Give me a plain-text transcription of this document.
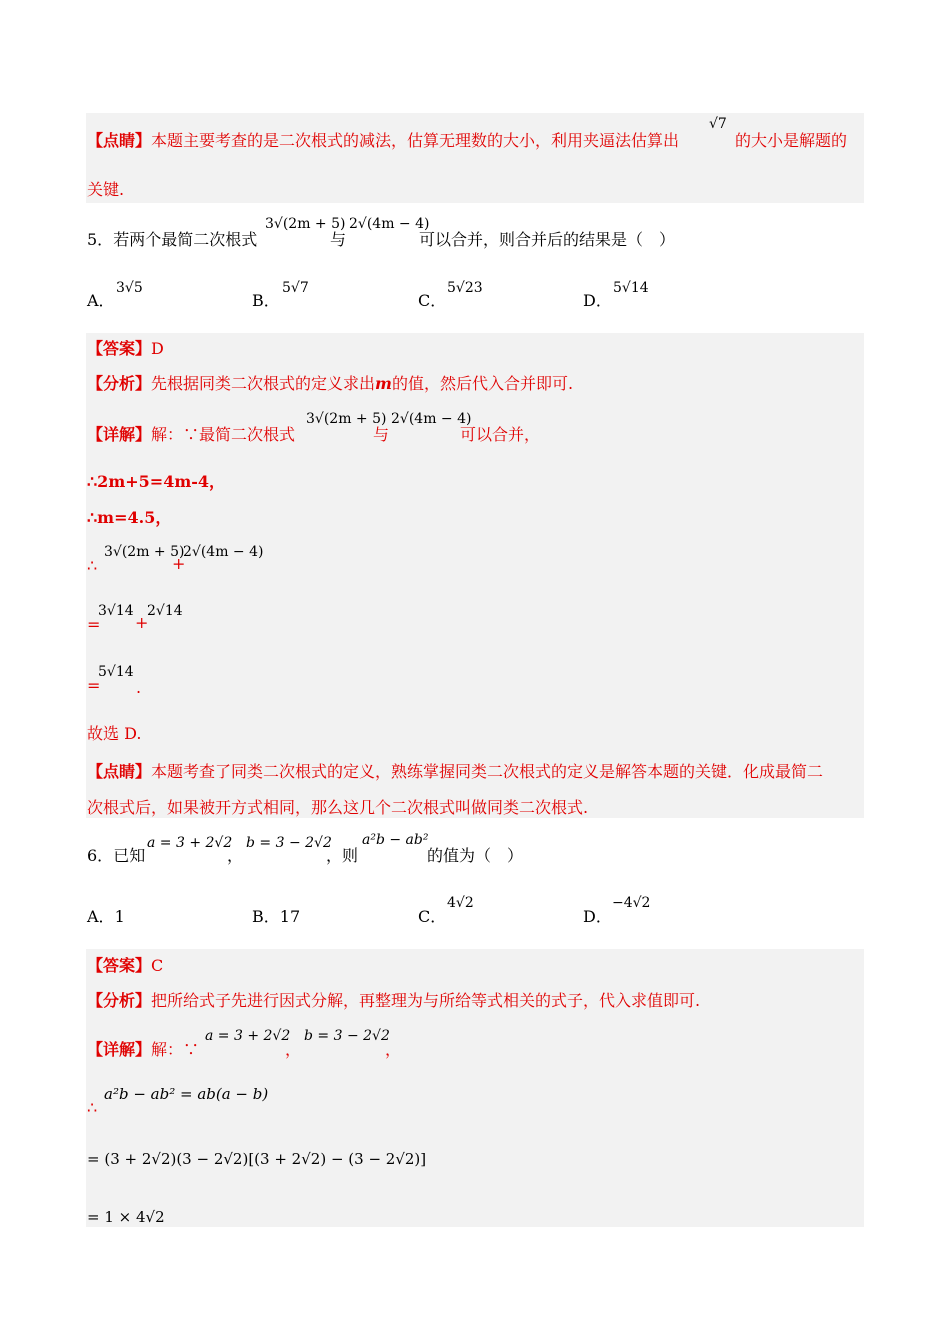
【点睛】本题主要考查的是二次根式的减法，估算无理数的大小，利用夹逼法估算出
√7
的大小是解题的
关键.
5．若两个最简二次根式
3√(2m + 5)
与
2√(4m − 4)
可以合并，则合并后的结果是（　）
A．
3√5
B．
5√7
C．
5√23
D．
5√14
【答案】D
【分析】先根据同类二次根式的定义求出m的值，然后代入合并即可.
【详解】解：∵最简二次根式
3√(2m + 5)
与
2√(4m − 4)
可以合并，
∴2m+5=4m-4，
∴m=4.5，
∴
3√(2m + 5)
+
2√(4m − 4)
=
3√14
+
2√14
=
5√14
.
故选 D.
【点睛】本题考查了同类二次根式的定义，熟练掌握同类二次根式的定义是解答本题的关键．化成最简二
次根式后，如果被开方式相同，那么这几个二次根式叫做同类二次根式.
6．已知
a = 3 + 2√2
，
b = 3 − 2√2
，则
a²b − ab²
的值为（　）
A．1	B．17	C．
4√2
D．
−4√2
【答案】C
【分析】把所给式子先进行因式分解，再整理为与所给等式相关的式子，代入求值即可.
【详解】解：∵
a = 3 + 2√2
，
b = 3 − 2√2
，
∴
a²b − ab² = ab(a − b)
= (3 + 2√2)(3 − 2√2)[(3 + 2√2) − (3 − 2√2)]
= 1 × 4√2
